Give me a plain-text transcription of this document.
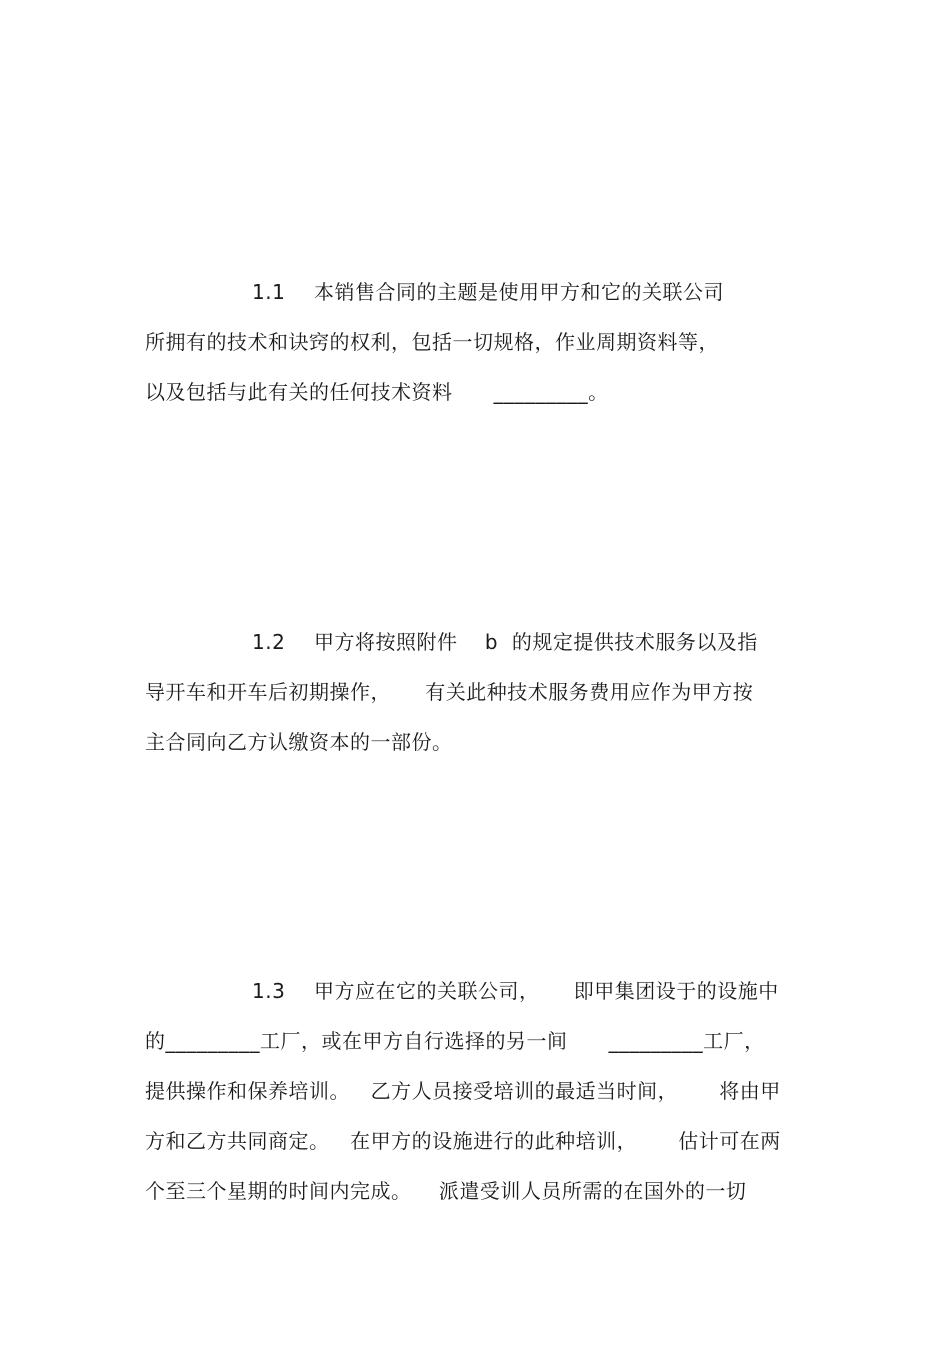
1.1 本销售合同的主题是使用甲方和它的关联公司
所拥有的技术和诀窍的权利，包括一切规格，作业周期资料等，
以及包括与此有关的任何技术资料      _________。
1.2 甲方将按照附件    b  的规定提供技术服务以及指
导开车和开车后初期操作，     有关此种技术服务费用应作为甲方按
主合同向乙方认缴资本的一部份。
1.3 甲方应在它的关联公司，     即甲集团设于的设施中
的_________工厂，或在甲方自行选择的另一间      _________工厂，
提供操作和保养培训。   乙方人员接受培训的最适当时间，      将由甲
方和乙方共同商定。   在甲方的设施进行的此种培训，      估计可在两
个至三个星期的时间内完成。    派遣受训人员所需的在国外的一切
